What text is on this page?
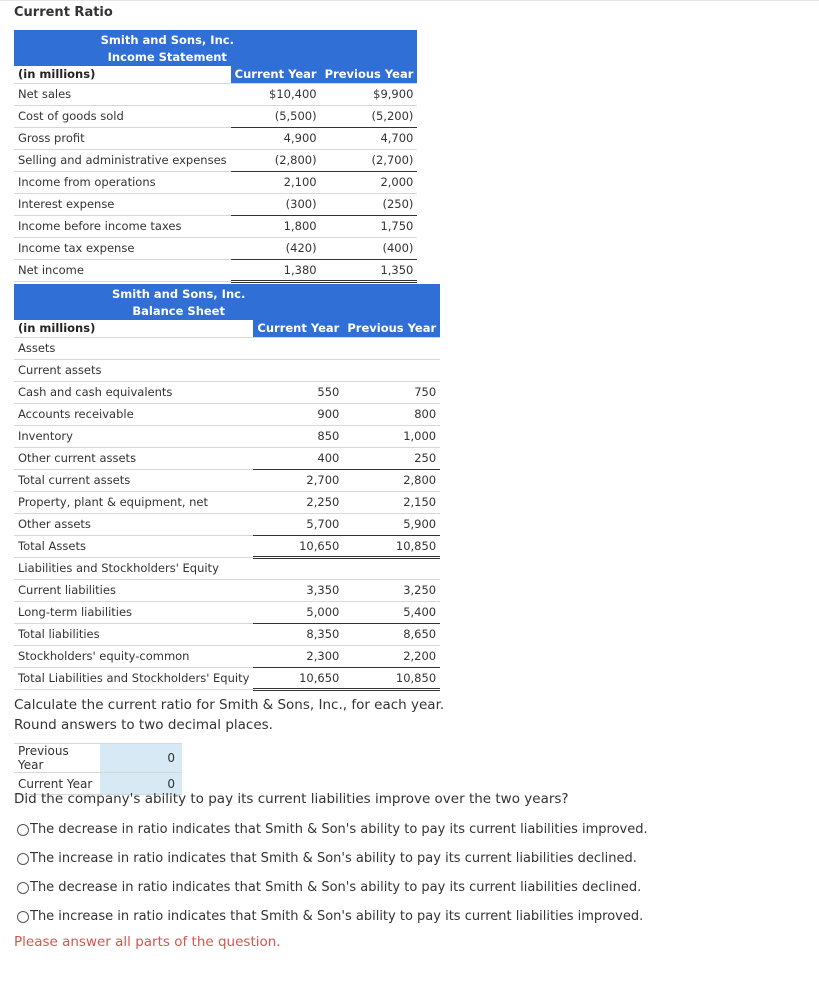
Current Ratio
Smith and Sons, Inc.
Income Statement		

(in millions)	Current Year	Previous Year
Net sales	$10,400	$9,900
Cost of goods sold	(5,500)	(5,200)
Gross profit	4,900	4,700
Selling and administrative expenses	(2,800)	(2,700)
Income from operations	2,100	2,000
Interest expense	(300)	(250)
Income before income taxes	1,800	1,750
Income tax expense	(420)	(400)
Net income	1,380	1,350
Smith and Sons, Inc.
Balance Sheet		

(in millions)	Current Year	Previous Year
Assets		
Current assets		
Cash and cash equivalents	550	750
Accounts receivable	900	800
Inventory	850	1,000
Other current assets	400	250
Total current assets	2,700	2,800
Property, plant & equipment, net	2,250	2,150
Other assets	5,700	5,900
Total Assets	10,650	10,850
Liabilities and Stockholders' Equity		
Current liabilities	3,350	3,250
Long-term liabilities	5,000	5,400
Total liabilities	8,350	8,650
Stockholders' equity-common	2,300	2,200
Total Liabilities and Stockholders' Equity	10,650	10,850
Calculate the current ratio for Smith & Sons, Inc., for each year.
Round answers to two decimal places.
Previous Year	0
Current Year	0
Did the company's ability to pay its current liabilities improve over the two years?
The decrease in ratio indicates that Smith & Son's ability to pay its current liabilities improved.
The increase in ratio indicates that Smith & Son's ability to pay its current liabilities declined.
The decrease in ratio indicates that Smith & Son's ability to pay its current liabilities declined.
The increase in ratio indicates that Smith & Son's ability to pay its current liabilities improved.
Please answer all parts of the question.
